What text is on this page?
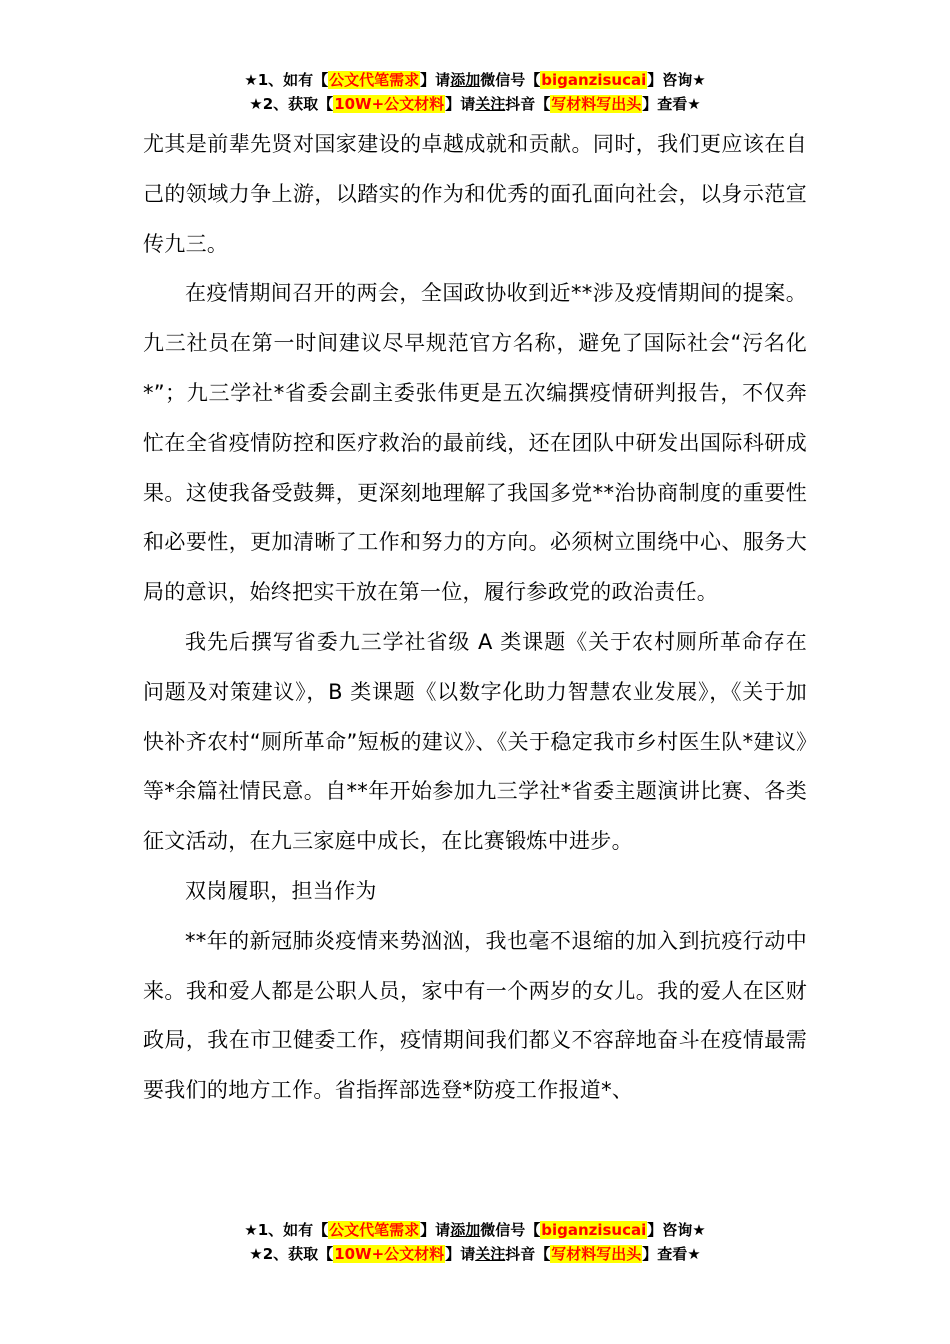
★1、如有【公文代笔需求】请添加微信号【biganzisucai】咨询★
★2、获取【10W+公文材料】请关注抖音【写材料写出头】查看★

尤其是前辈先贤对国家建设的卓越成就和贡献。同时，我们更应该在自己的领域力争上游，以踏实的作为和优秀的面孔面向社会，以身示范宣传九三。

在疫情期间召开的两会，全国政协收到近**涉及疫情期间的提案。九三社员在第一时间建议尽早规范官方名称，避免了国际社会“污名化*”；九三学社*省委会副主委张伟更是五次编撰疫情研判报告，不仅奔忙在全省疫情防控和医疗救治的最前线，还在团队中研发出国际科研成果。这使我备受鼓舞，更深刻地理解了我国多党**治协商制度的重要性和必要性，更加清晰了工作和努力的方向。必须树立围绕中心、服务大局的意识，始终把实干放在第一位，履行参政党的政治责任。

我先后撰写省委九三学社省级 A 类课题《关于农村厕所革命存在问题及对策建议》，B 类课题《以数字化助力智慧农业发展》，《关于加快补齐农村“厕所革命”短板的建议》、《关于稳定我市乡村医生队*建议》等*余篇社情民意。自**年开始参加九三学社*省委主题演讲比赛、各类征文活动，在九三家庭中成长，在比赛锻炼中进步。

双岗履职，担当作为

**年的新冠肺炎疫情来势汹汹，我也毫不退缩的加入到抗疫行动中来。我和爱人都是公职人员，家中有一个两岁的女儿。我的爱人在区财政局，我在市卫健委工作，疫情期间我们都义不容辞地奋斗在疫情最需要我们的地方工作。省指挥部选登*防疫工作报道*、

★1、如有【公文代笔需求】请添加微信号【biganzisucai】咨询★
★2、获取【10W+公文材料】请关注抖音【写材料写出头】查看★
